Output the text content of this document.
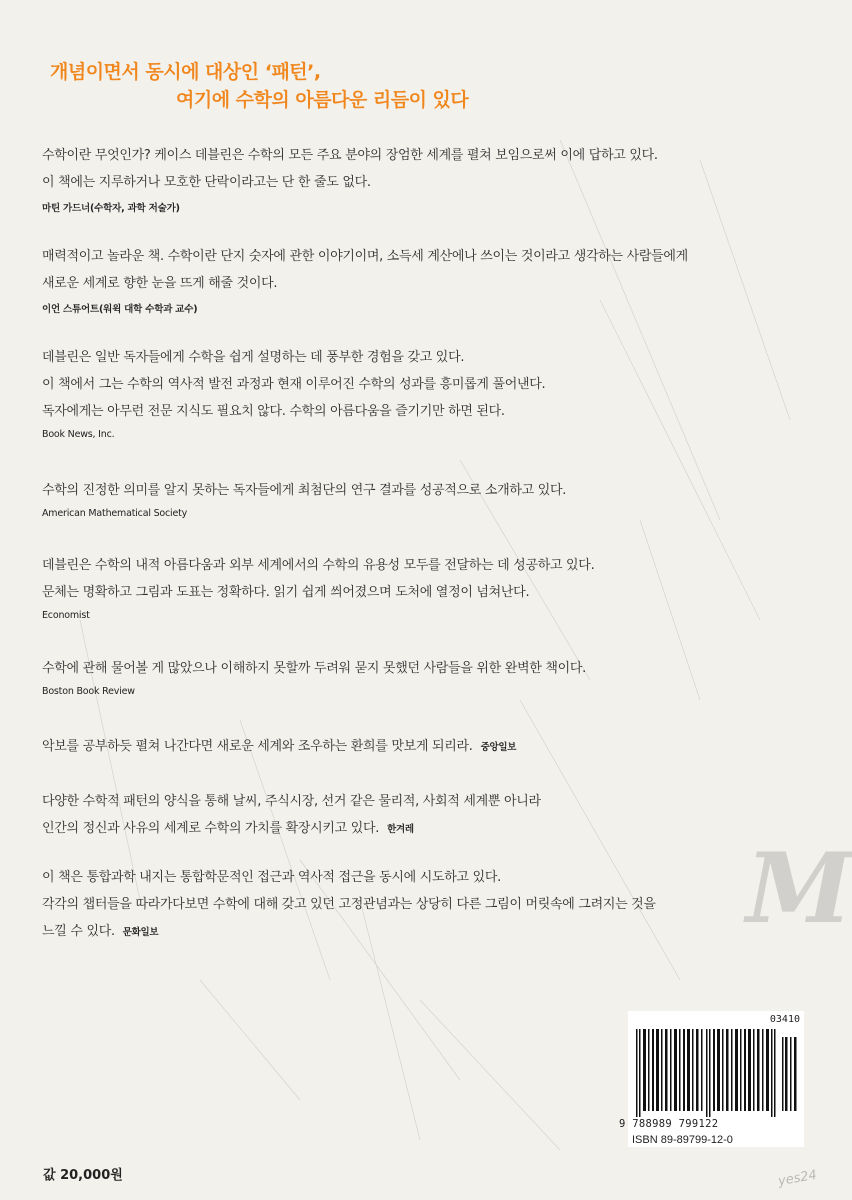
M
개념이면서 동시에 대상인 ‘패턴’,

여기에 수학의 아름다운 리듬이 있다
수학이란 무엇인가? 케이스 데블린은 수학의 모든 주요 분야의 장엄한 세계를 펼쳐 보임으로써 이에 답하고 있다.
이 책에는 지루하거나 모호한 단락이라고는 단 한 줄도 없다.
마틴 가드너(수학자, 과학 저술가)
매력적이고 놀라운 책. 수학이란 단지 숫자에 관한 이야기이며, 소득세 계산에나 쓰이는 것이라고 생각하는 사람들에게
새로운 세계로 향한 눈을 뜨게 해줄 것이다.
이언 스튜어트(워윅 대학 수학과 교수)
데블린은 일반 독자들에게 수학을 쉽게 설명하는 데 풍부한 경험을 갖고 있다.
이 책에서 그는 수학의 역사적 발전 과정과 현재 이루어진 수학의 성과를 흥미롭게 풀어낸다.
독자에게는 아무런 전문 지식도 필요치 않다. 수학의 아름다움을 즐기기만 하면 된다.
Book News, Inc.
수학의 진정한 의미를 알지 못하는 독자들에게 최첨단의 연구 결과를 성공적으로 소개하고 있다.
American Mathematical Society
데블린은 수학의 내적 아름다움과 외부 세계에서의 수학의 유용성 모두를 전달하는 데 성공하고 있다.
문체는 명확하고 그림과 도표는 정확하다. 읽기 쉽게 씌어졌으며 도처에 열정이 넘쳐난다.
Economist
수학에 관해 물어볼 게 많았으나 이해하지 못할까 두려워 묻지 못했던 사람들을 위한 완벽한 책이다.
Boston Book Review
악보를 공부하듯 펼쳐 나간다면 새로운 세계와 조우하는 환희를 맛보게 되리라. 중앙일보
다양한 수학적 패턴의 양식을 통해 날씨, 주식시장, 선거 같은 물리적, 사회적 세계뿐 아니라
인간의 정신과 사유의 세계로 수학의 가치를 확장시키고 있다. 한겨레
이 책은 통합과학 내지는 통합학문적인 접근과 역사적 접근을 동시에 시도하고 있다.
각각의 챕터들을 따라가다보면 수학에 대해 갖고 있던 고정관념과는 상당히 다른 그림이 머릿속에 그려지는 것을
느낄 수 있다. 문화일보
값 20,000원
03410
9 788989 799122
ISBN 89-89799-12-0
yes24
